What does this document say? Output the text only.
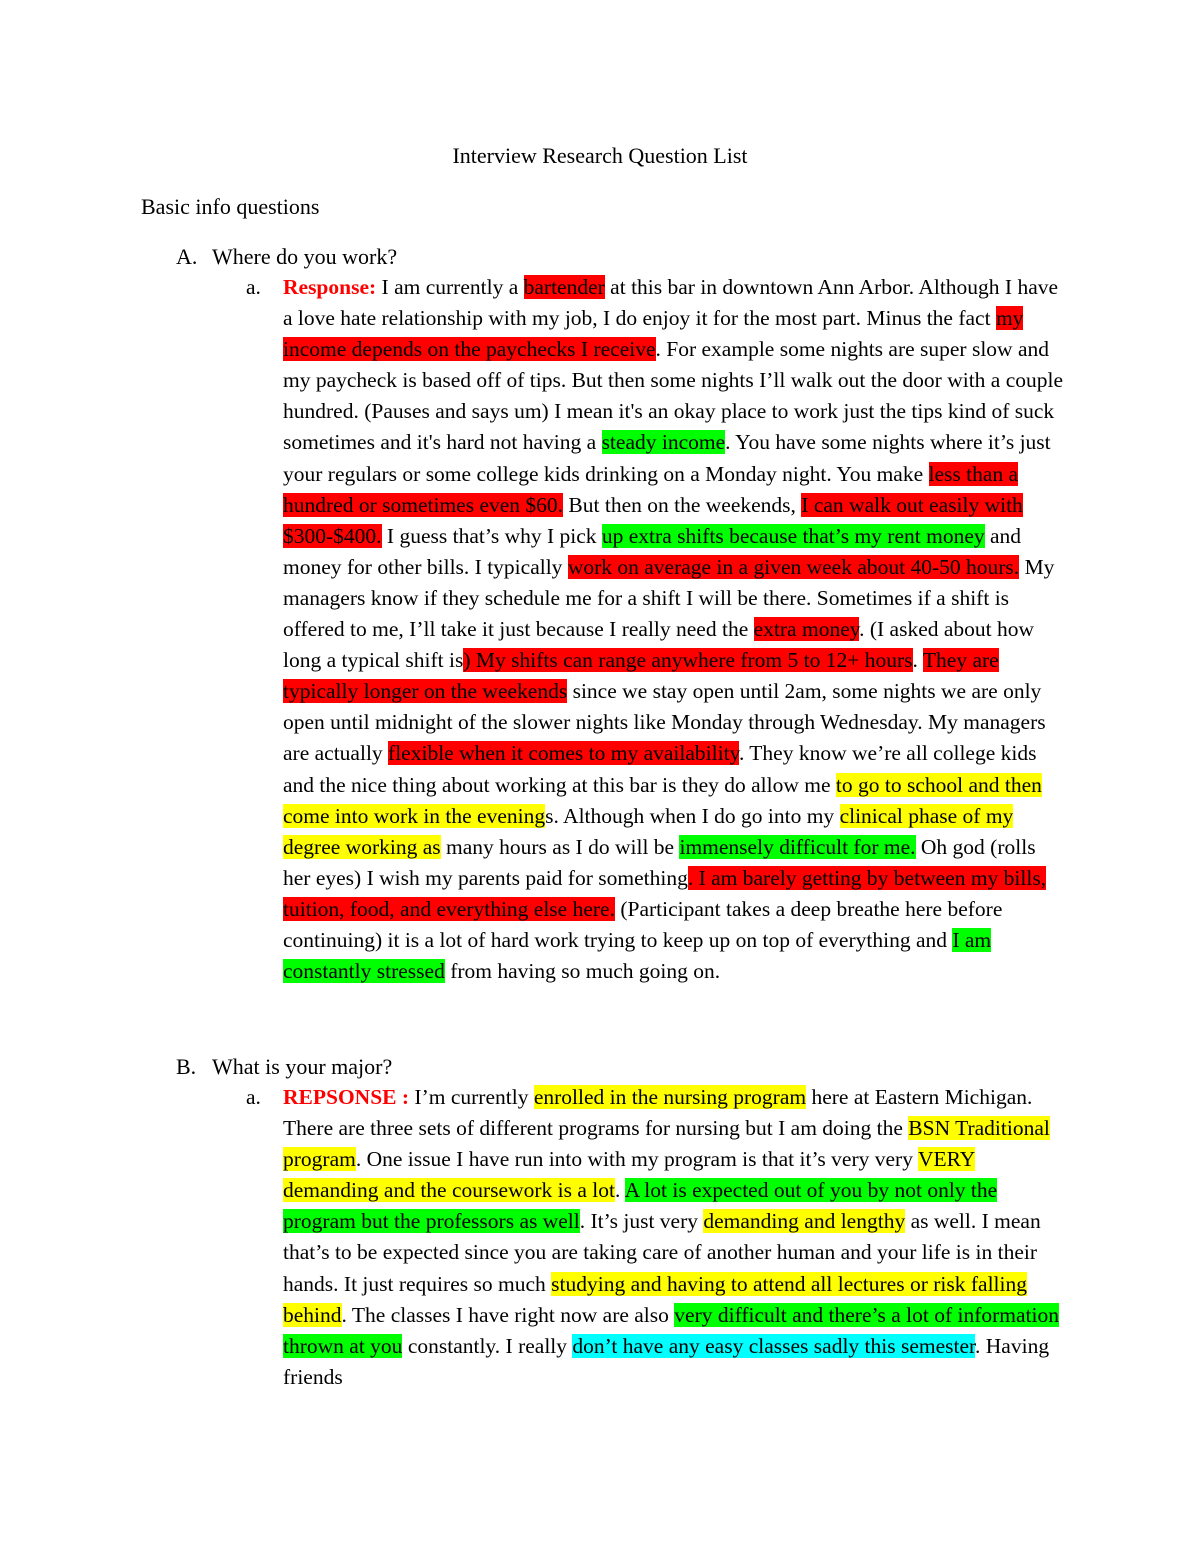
Interview Research Question List
Basic info questions
A. Where do you work?
a. Response: I am currently a bartender at this bar in downtown Ann Arbor. Although I have a love hate relationship with my job, I do enjoy it for the most part. Minus the fact my income depends on the paychecks I receive. For example some nights are super slow and my paycheck is based off of tips. But then some nights I’ll walk out the door with a couple hundred. (Pauses and says um) I mean it's an okay place to work just the tips kind of suck sometimes and it's hard not having a steady income. You have some nights where it’s just your regulars or some college kids drinking on a Monday night. You make less than a hundred or sometimes even $60. But then on the weekends, I can walk out easily with $300-$400. I guess that’s why I pick up extra shifts because that’s my rent money and money for other bills. I typically work on average in a given week about 40-50 hours. My managers know if they schedule me for a shift I will be there. Sometimes if a shift is offered to me, I’ll take it just because I really need the extra money. (I asked about how long a typical shift is) My shifts can range anywhere from 5 to 12+ hours. They are typically longer on the weekends since we stay open until 2am, some nights we are only open until midnight of the slower nights like Monday through Wednesday. My managers are actually flexible when it comes to my availability. They know we’re all college kids and the nice thing about working at this bar is they do allow me to go to school and then come into work in the evenings. Although when I do go into my clinical phase of my degree working as many hours as I do will be immensely difficult for me. Oh god (rolls her eyes) I wish my parents paid for something. I am barely getting by between my bills, tuition, food, and everything else here. (Participant takes a deep breathe here before continuing) it is a lot of hard work trying to keep up on top of everything and I am constantly stressed from having so much going on.
B. What is your major?
a. REPSONSE : I’m currently enrolled in the nursing program here at Eastern Michigan. There are three sets of different programs for nursing but I am doing the BSN Traditional program. One issue I have run into with my program is that it’s very very VERY demanding and the coursework is a lot. A lot is expected out of you by not only the program but the professors as well. It’s just very demanding and lengthy as well. I mean that’s to be expected since you are taking care of another human and your life is in their hands. It just requires so much studying and having to attend all lectures or risk falling behind. The classes I have right now are also very difficult and there’s a lot of information thrown at you constantly. I really don’t have any easy classes sadly this semester. Having friends
